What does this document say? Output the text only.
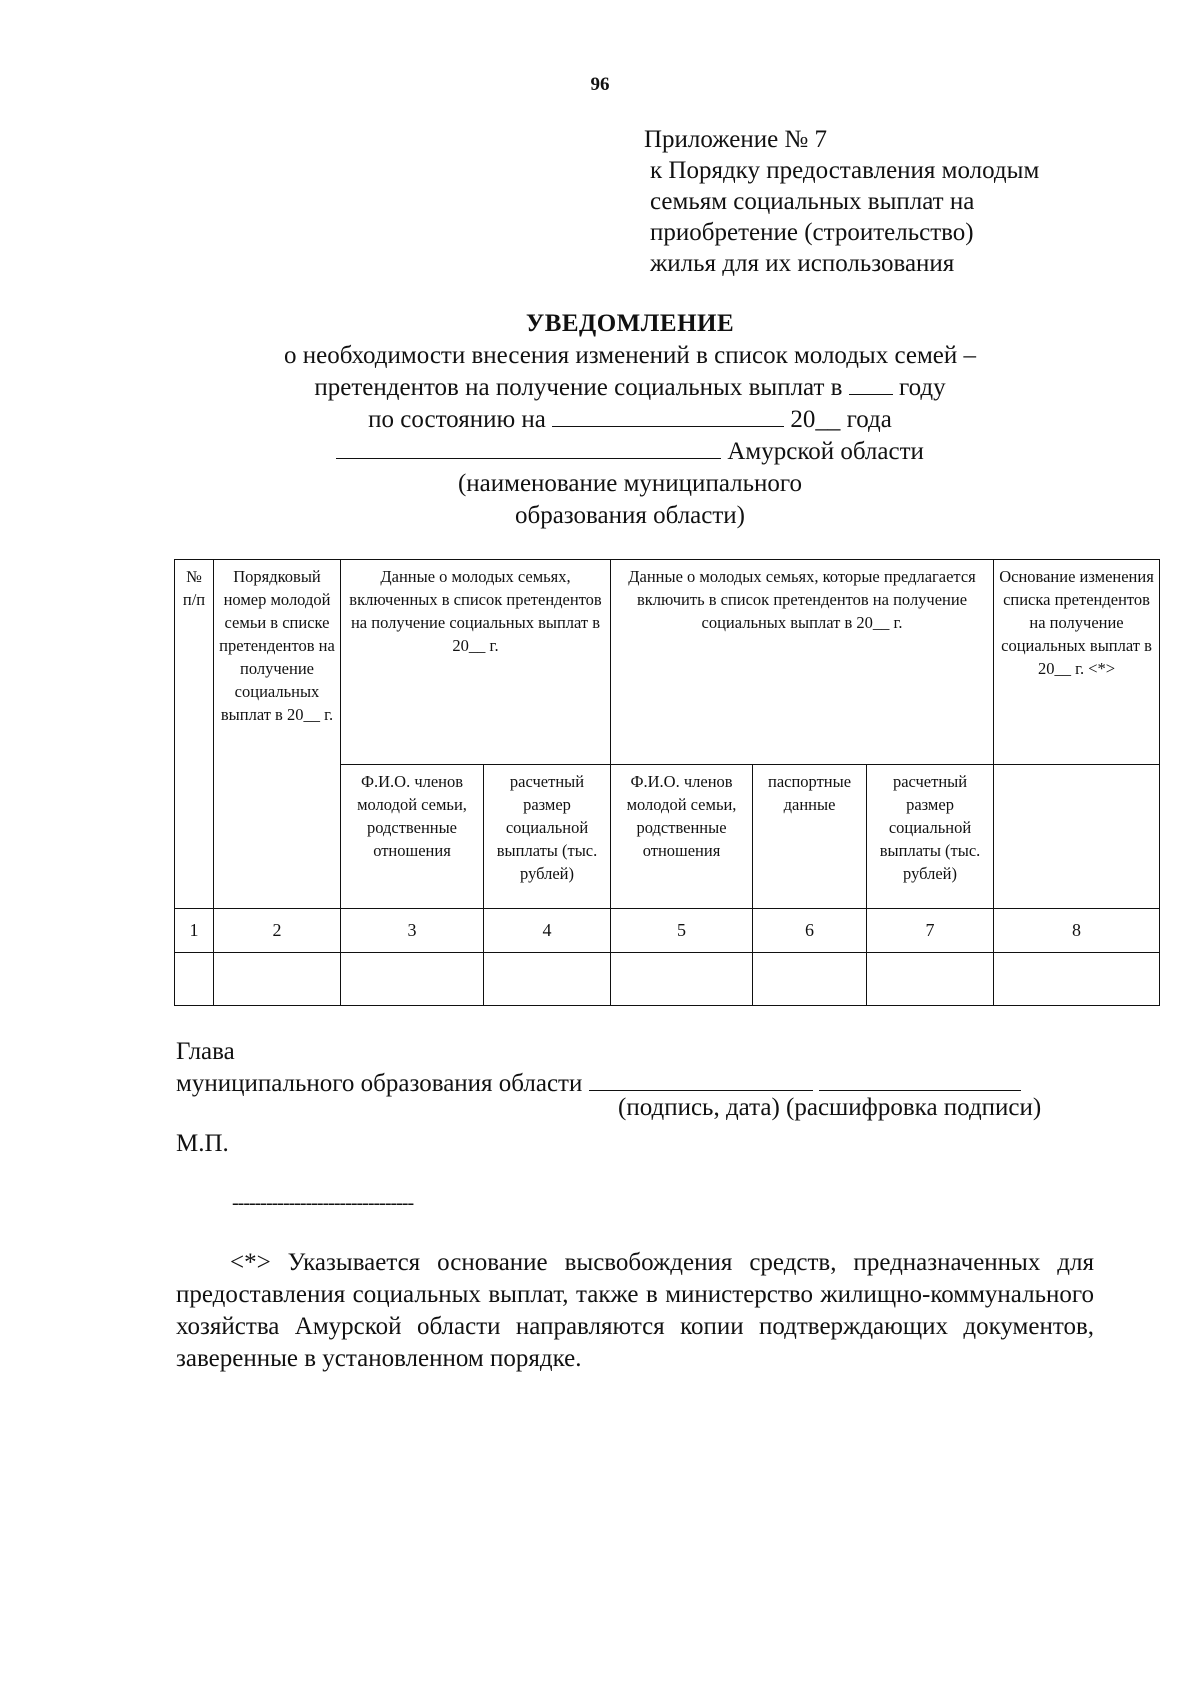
96
Приложение № 7
к Порядку предоставления молодым
семьям социальных выплат на
приобретение (строительство)
жилья для их использования
УВЕДОМЛЕНИЕ
о необходимости внесения изменений в список молодых семей –
претендентов на получение социальных выплат в году
по состоянию на	20__ года
Амурской области
(наименование муниципального
образования области)
№ п/п	Порядковый номер молодой семьи в списке претендентов на получение социальных выплат в 20__ г.	Данные о молодых семьях, включенных в список претендентов на получение социальных выплат в 20__ г.		Данные о молодых семьях, которые предлагается включить в список претендентов на получение социальных выплат в 20__ г.			Основание изменения списка претендентов на получение социальных выплат в 20__ г. <*>
		Ф.И.О. членов молодой семьи, родственные отношения	расчетный размер социальной выплаты (тыс. рублей)	Ф.И.О. членов молодой семьи, родственные отношения	паспортные данные	расчетный размер социальной выплаты (тыс. рублей)	
1	2	3	4	5	6	7	8

Глава
муниципального образования области
(подпись, дата) (расшифровка подписи)
М.П.
--------------------------------
<*> Указывается основание высвобождения средств, предназначенных для предоставления социальных выплат, также в министерство жилищно-коммунального хозяйства Амурской области направляются копии подтверждающих документов, заверенные в установленном порядке.
